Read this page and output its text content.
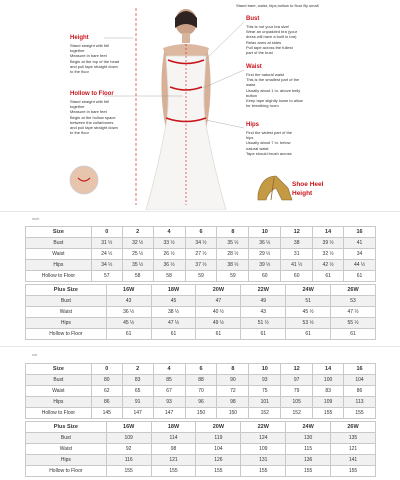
Stand bare, waist, hips,hollow to floor By small
Height
Stand straight with fell
together
Measure in bare feet
Begin at the top of the head
and pull tape straight down
to the floor
Hollow to Floor
Stand straight with fell
together
Measure in bare feet
Begin at the hollow space
between the collarbones
and pull tape straight down
to the floor
Bust
This is not your bra size!
Wear an unpadded bra (your
dress will have a built in bra)
Relax arms at sides
Pull tape across the fullest
part of the bust
Waist
Find the natural waist
This is the smallest part of the
waist
Usually about 1 in. above belly
button
Keep tape slightly loose to allow
for breathing room
Hips
Find the widest part of the
hips
Usually about 7 in. below
natural waist
Tape should brush across
Shoe Heel
Height
inch
Size	0	2	4	6	8	10	12	14	16
Bust	31 ½	32 ½	33 ½	34 ½	35 ½	36 ½	38	39 ½	41
Waist	24 ½	25 ½	26 ½	27 ½	28 ½	29 ½	31	32 ½	34
Hips	34 ½	35 ½	36 ½	37 ½	38 ½	39 ½	41 ½	42 ½	44 ½
Hollow to Floor	57	58	58	59	59	60	60	61	61
Plus Size	16W	18W	20W	22W	24W	26W
Bust	43	45	47	49	51	53
Waist	36 ½	38 ½	40 ½	43	45 ½	47 ½
Hips	45 ½	47 ½	49 ½	51 ½	53 ½	55 ½
Hollow to Floor	61	61	61	61	61	61
cm
Size	0	2	4	6	8	10	12	14	16
Bust	80	83	85	88	90	93	97	100	104
Waist	62	65	67	70	72	75	79	83	86
Hips	86	91	93	96	98	101	105	109	113
Hollow to Floor	145	147	147	150	150	152	152	155	155
Plus Size	16W	18W	20W	22W	24W	26W
Bust	109	114	119	124	130	135
Waist	92	98	104	109	115	121
Hips	116	121	126	131	136	141
Hollow to Floor	155	155	155	155	155	155
